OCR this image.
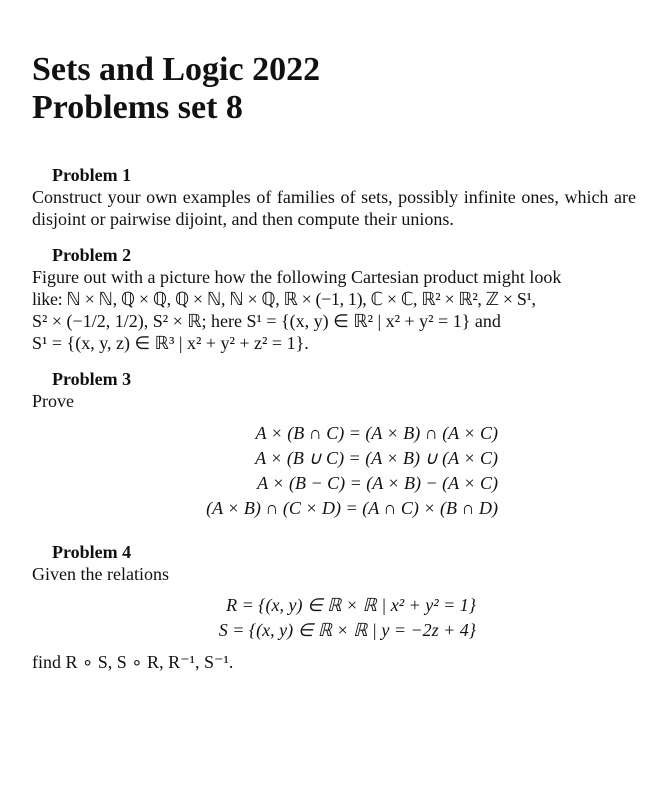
Sets and Logic 2022
Problems set 8
Problem 1

Construct your own examples of families of sets, possibly infinite ones, which are disjoint or pairwise dijoint, and then compute their unions.

Problem 2
Figure out with a picture how the following Cartesian product might look
like: ℕ × ℕ, ℚ × ℚ, ℚ × ℕ, ℕ × ℚ, ℝ × (−1, 1), ℂ × ℂ, ℝ² × ℝ², ℤ × S¹,
S² × (−1/2, 1/2), S² × ℝ; here S¹ = {(x, y) ∈ ℝ² | x² + y² = 1} and
S¹ = {(x, y, z) ∈ ℝ³ | x² + y² + z² = 1}.
Problem 3
Prove
A × (B ∩ C) = (A × B) ∩ (A × C)
A × (B ∪ C) = (A × B) ∪ (A × C)
A × (B − C) = (A × B) − (A × C)
(A × B) ∩ (C × D) = (A ∩ C) × (B ∩ D)
Problem 4
Given the relations
R = {(x, y) ∈ ℝ × ℝ | x² + y² = 1}
S = {(x, y) ∈ ℝ × ℝ | y = −2z + 4}
find R ∘ S, S ∘ R, R⁻¹, S⁻¹.
